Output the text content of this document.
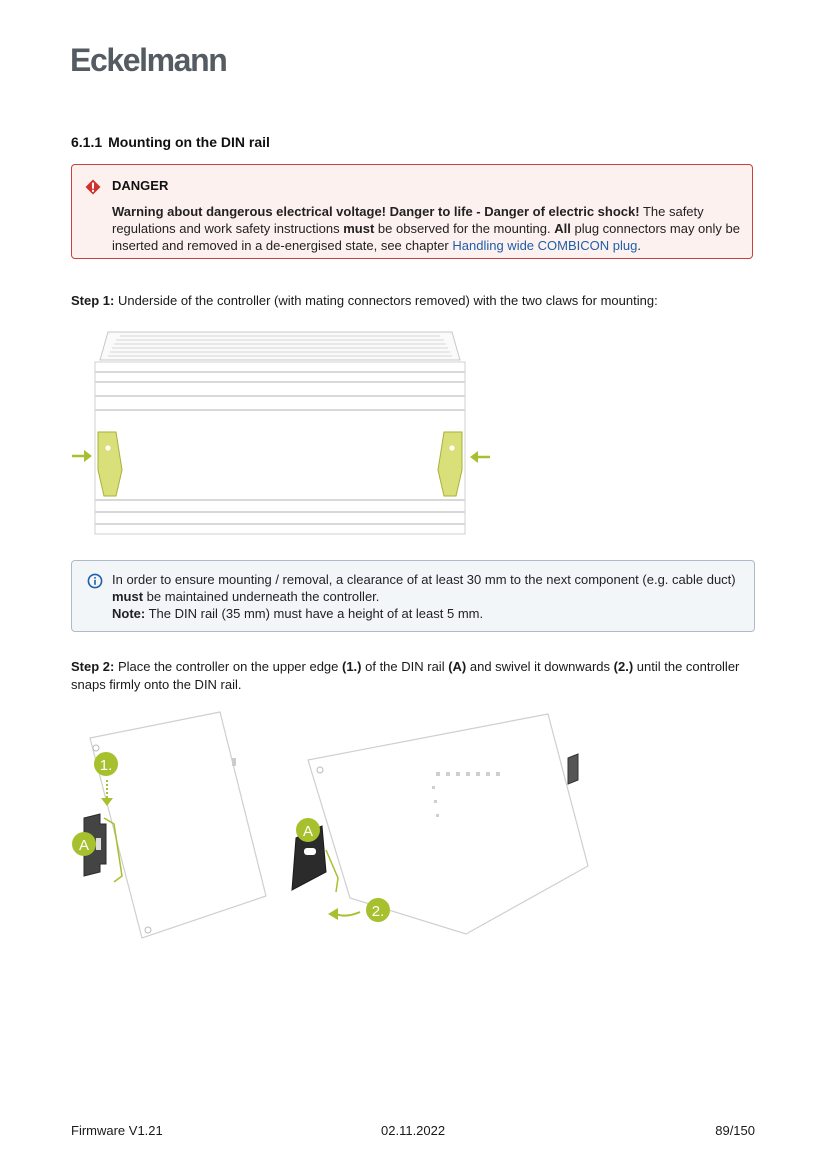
Eckelmann
6.1.1 Mounting on the DIN rail
DANGER
Warning about dangerous electrical voltage! Danger to life - Danger of electric shock! The safety regulations and work safety instructions must be observed for the mounting. All plug connectors may only be inserted and removed in a de-energised state, see chapter Handling wide COMBICON plug.
Step 1: Underside of the controller (with mating connectors removed) with the two claws for mounting:
In order to ensure mounting / removal, a clearance of at least 30 mm to the next component (e.g. cable duct) must be maintained underneath the controller.
Note: The DIN rail (35 mm) must have a height of at least 5 mm.
Step 2: Place the controller on the upper edge (1.) of the DIN rail (A) and swivel it downwards (2.) until the controller snaps firmly onto the DIN rail.
1.
A
A
2.
Firmware V1.21	02.11.2022	89/150
